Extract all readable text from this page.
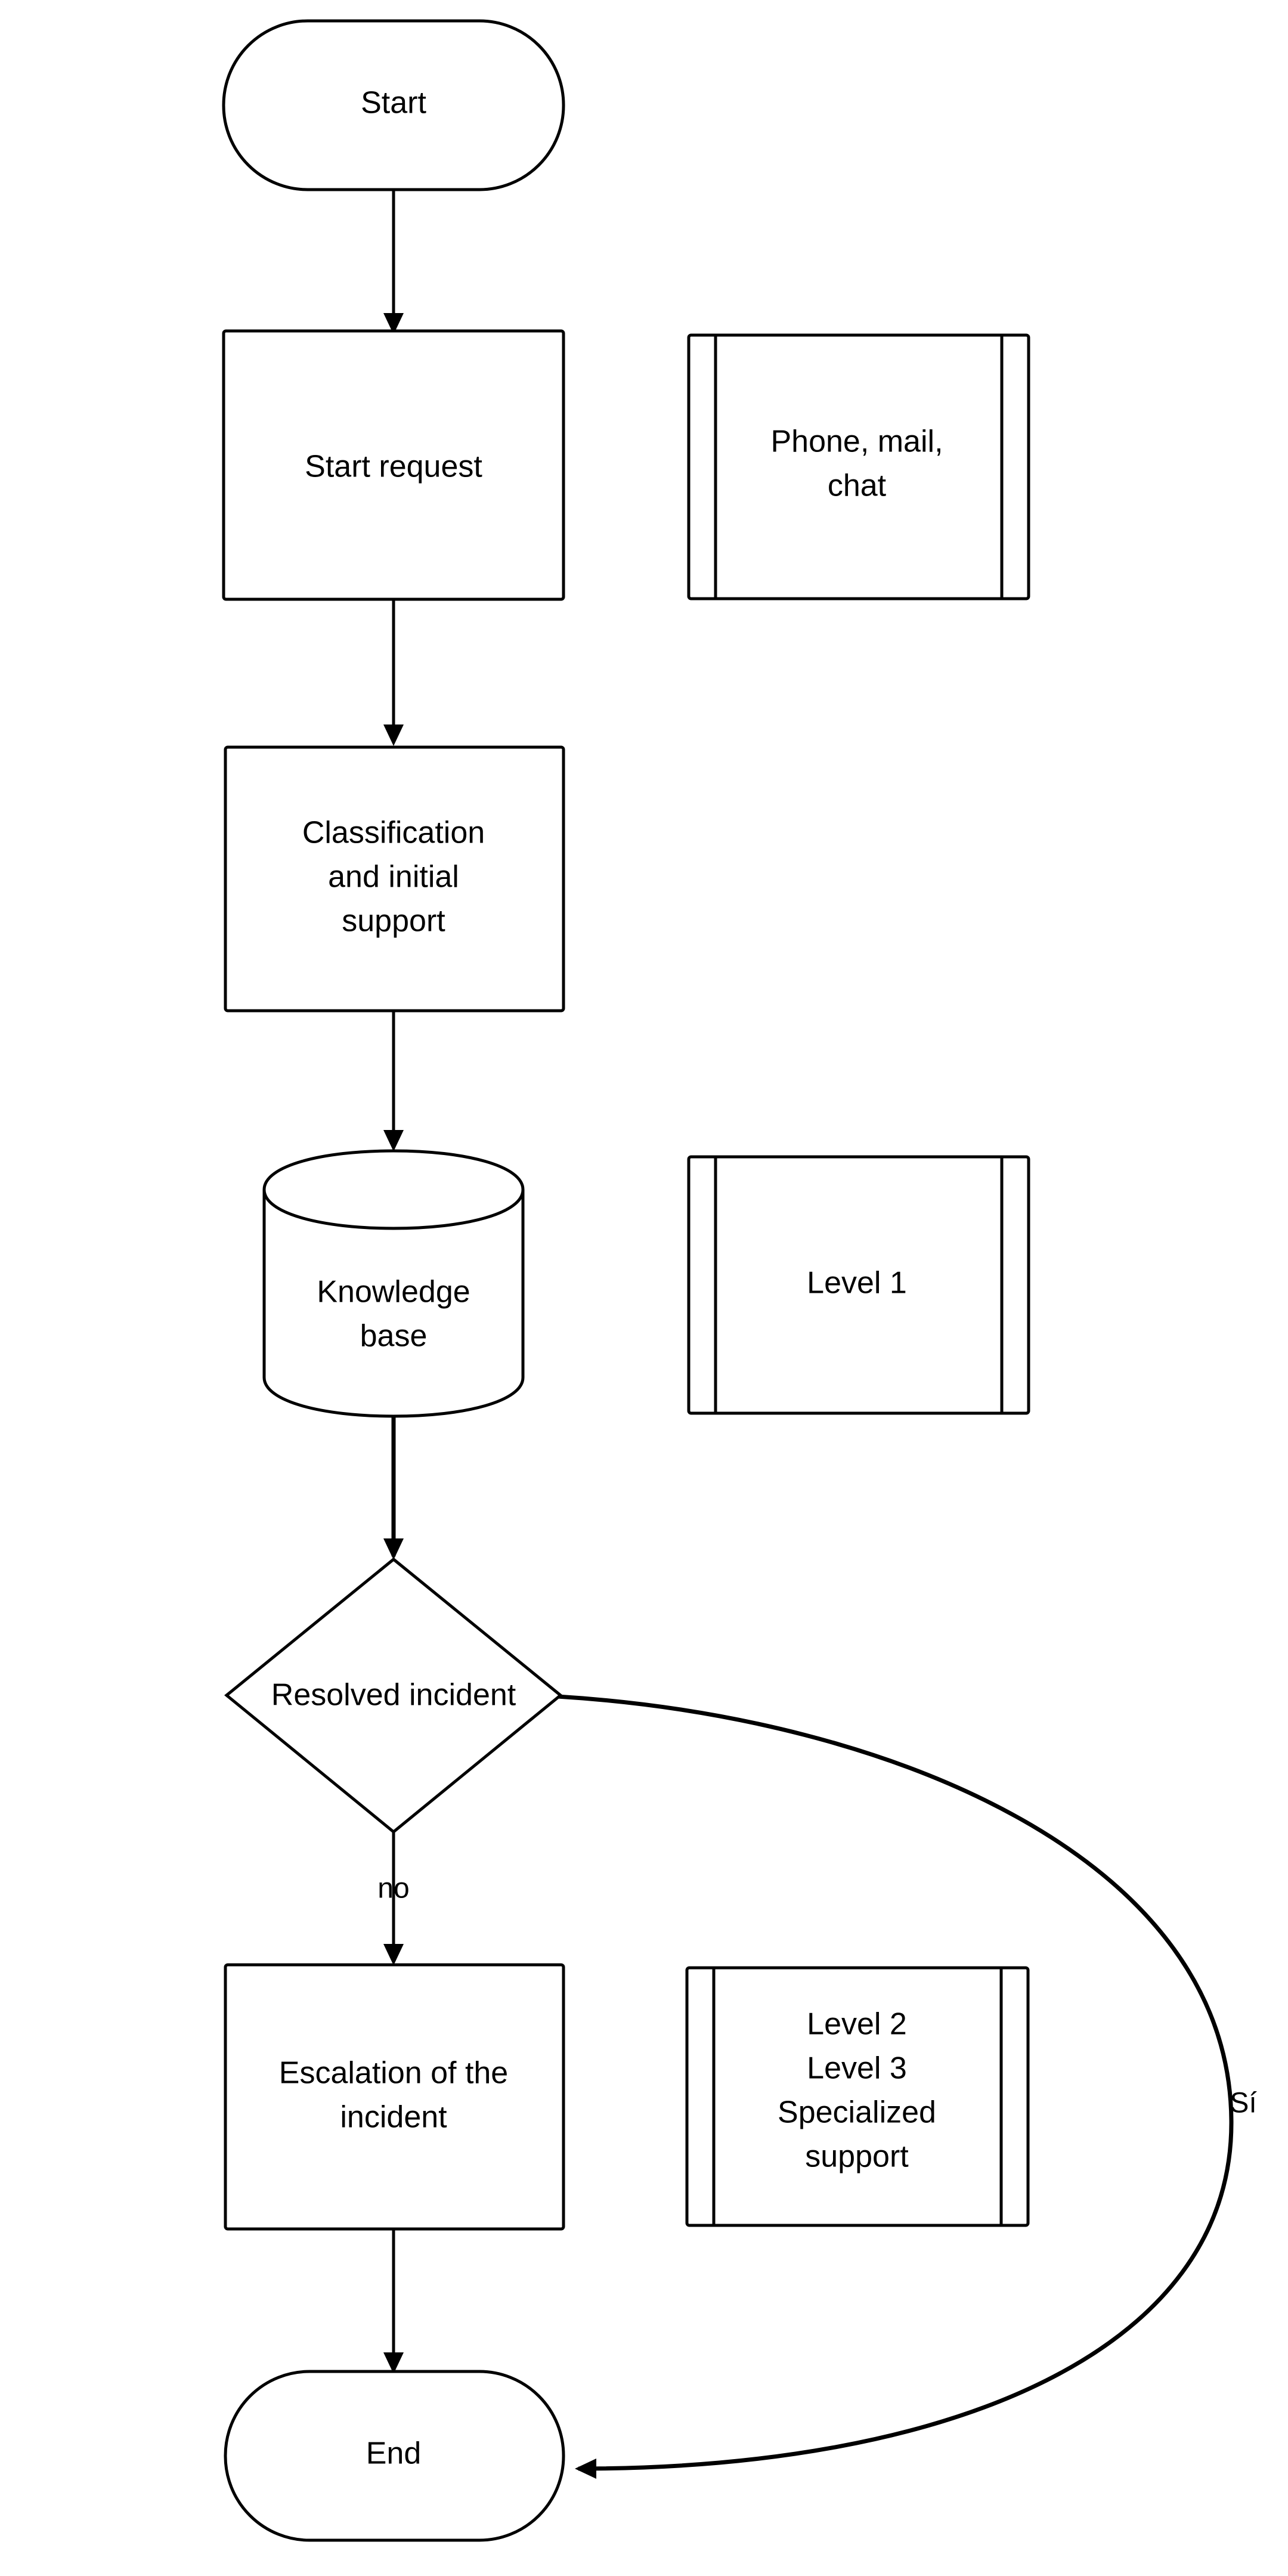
no
Sí
Start
Start request
Phone, mail,
chat
Classification
and initial
support
Knowledge
base
Level 1
Resolved incident
Escalation of the
incident
Level 2
Level 3
Specialized
support
End
